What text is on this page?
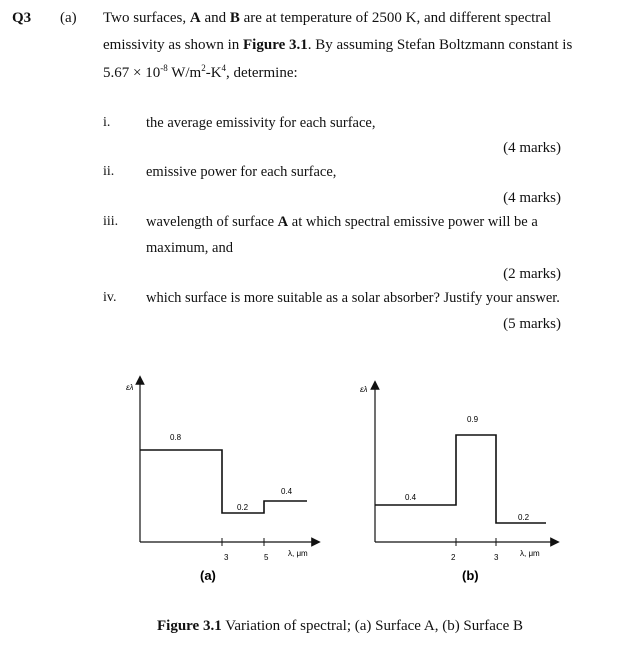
Q3 (a) Two surfaces, A and B are at temperature of 2500 K, and different spectral
emissivity as shown in Figure 3.1. By assuming Stefan Boltzmann constant is
$5.67 \times 10^{-8}$ $W/m^2-K^4$, determine:
i. the average emissivity for each surface,
(4 marks)
ii. emissive power for each surface,
(4 marks)
iii. wavelength of surface A at which spectral emissive power will be a
maximum, and
(2 marks)
iv. which surface is more suitable as a solar absorber? Justify your answer.
(5 marks)
ελ
3	5 λ, μm
0.8
0.2
0.4
(a)
ελ
2	3	λ, μm
0.4
0.9
0.2
(b)
Figure 3.1 Variation of spectral; (a) Surface A, (b) Surface B
